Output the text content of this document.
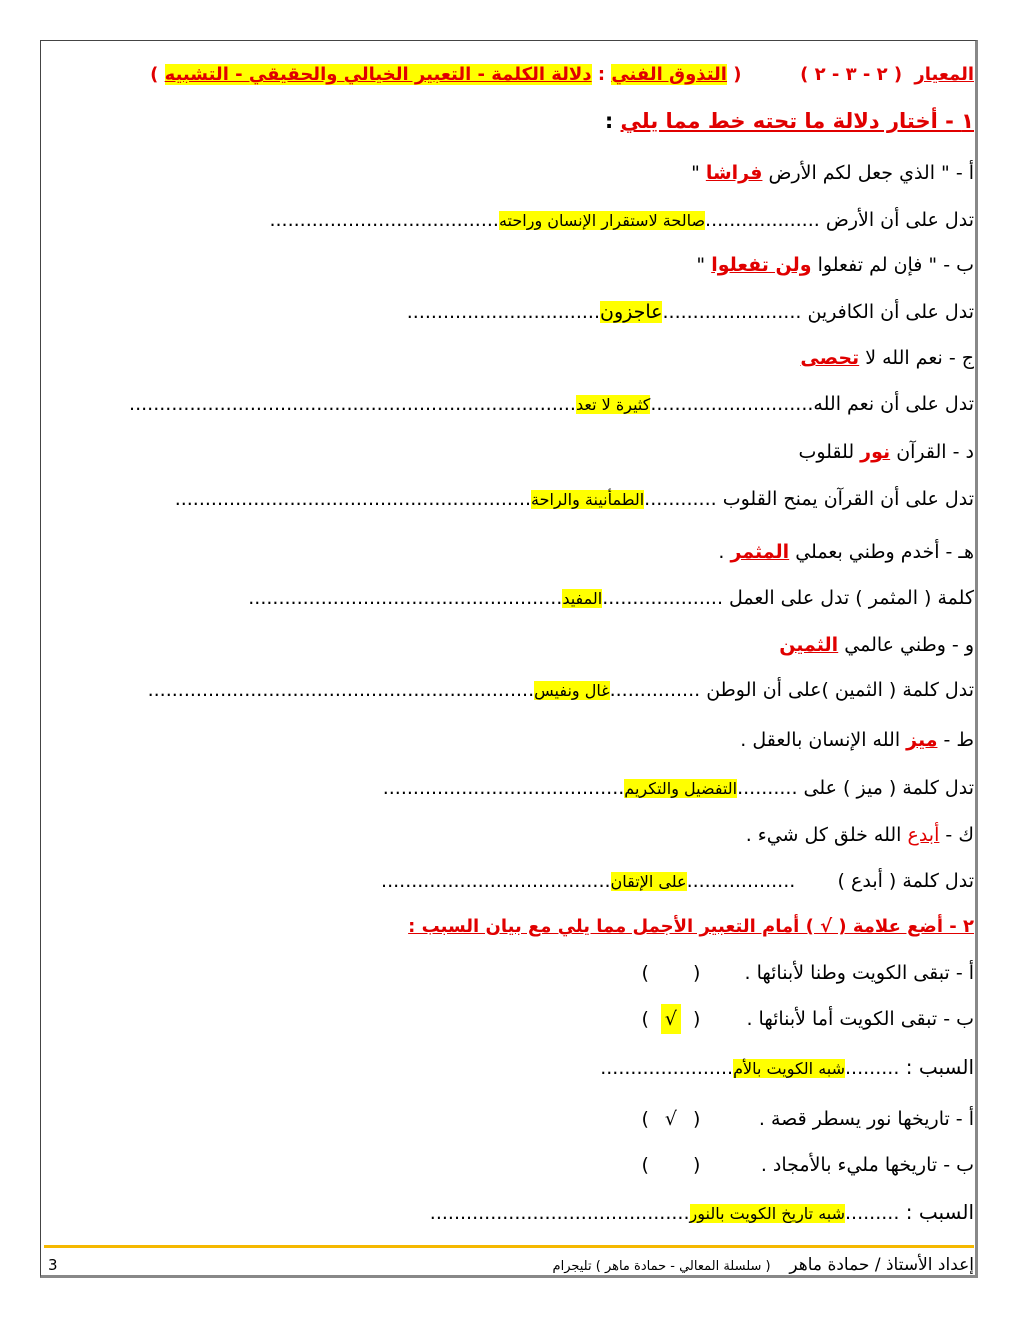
المعيار ( ٢ - ٣ - ٢ )  ( التذوق الفني : دلالة الكلمة - التعبير الخيالي والحقيقي - التشبيه )
١ - أختار دلالة ما تحته خط مما يلي :
أ - " الذي جعل لكم الأرض فراشا "
تدل على أن الأرض ...................صالحة لاستقرار الإنسان وراحته......................................
ب - " فإن لم تفعلوا ولن تفعلوا "
تدل على أن الكافرين .......................عاجزون................................
ج - نعم الله لا تحصى
تدل على أن نعم الله...........................كثيرة لا تعد..........................................................................
د - القرآن نور للقلوب
تدل على أن القرآن يمنح القلوب ............الطمأنينة والراحة...........................................................
هـ - أخدم وطني بعملي المثمر .
كلمة ( المثمر ) تدل على العمل ....................المفيد....................................................
و - وطني عالمي الثمين
تدل كلمة ( الثمين )على أن الوطن ...............غال ونفيس................................................................
ط - ميز الله الإنسان بالعقل .
تدل كلمة ( ميز ) على ..........التفضيل والتكريم........................................
ك - أبدع الله خلق كل شيء .
تدل كلمة ( أبدع )       ..................على الإتقان......................................
٢ - أضع علامة ( √ ) أمام التعبير الأجمل مما يلي مع بيان السبب :
أ - تبقى الكويت وطنا لأبنائها . (    )
ب - تبقى الكويت أما لأبنائها . (  √  )
السبب : .........شبه الكويت بالأم......................
أ - تاريخها نور يسطر قصة . (  √  )
ب - تاريخها مليء بالأمجاد . (    )
السبب : .........شبه تاريخ الكويت بالنور...........................................
إعداد الأستاذ / حمادة ماهر ( سلسلة المعالي - حمادة ماهر ) تليجرام
3
